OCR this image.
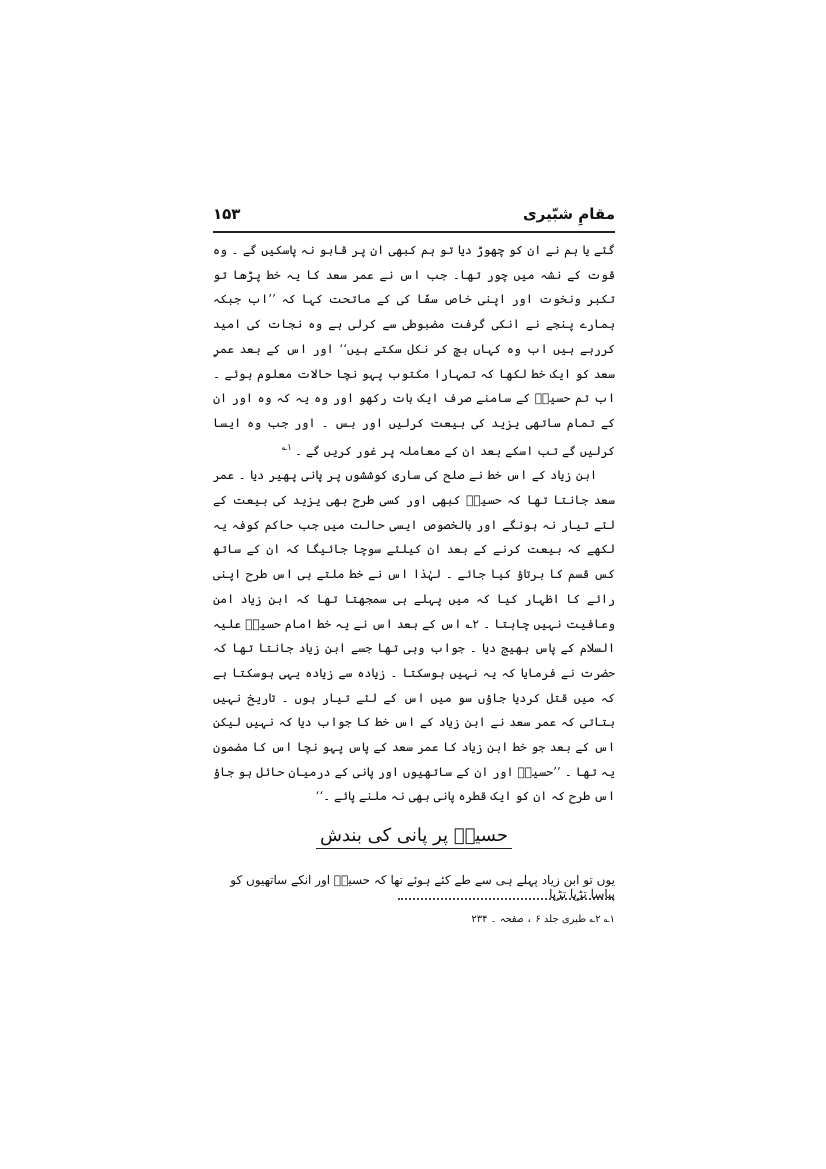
مقامِ شبّیری
۱۵۳

گئے یا ہم نے ان کو چھوڑ دیا تو ہم کبھی ان پر قابو نہ پاسکیں گے ۔ وہ قوت کے نشہ میں چور تھا۔ جب اس نے عمر سعد کا یہ خط پڑھا تو تکبر ونخوت اور اپنی خاص سفّا کی کے ماتحت کہا کہ ’’اب جبکہ ہمارے پنجے نے انکی گرفت مضبوطی سے کرلی ہے وہ نجات کی امید کررہے ہیں اب وہ کہاں بچ کر نکل سکتے ہیں‘‘ اور اس کے بعد عمرِ سعد کو ایک خط لکھا کہ تمہارا مکتوب پہو نچا حالات معلوم ہوئے ۔ اب تم حسینؑ کے سامنے صرف ایک بات رکھو اور وہ یہ کہ وہ اور ان کے تمام ساتھی یزید کی بیعت کرلیں اور بس ۔ اور جب وہ ایسا کرلیں گے تب اسکے بعد ان کے معاملہ پر غور کریں گے ۔$^{۱؎}$

ابن زیاد کے اس خط نے صلح کی ساری کوششوں پر پانی پھیر دیا ۔ عمر سعد جانتا تھا کہ حسینؑ کبھی اور کسی طرح بھی یزید کی بیعت کے لئے تیار نہ ہونگے اور بالخصوص ایسی حالت میں جب حاکم کوفہ یہ لکھے کہ بیعت کرنے کے بعد ان کیلئے سوچا جائیگا کہ ان کے ساتھ کس قسم کا برتاؤ کیا جائے ۔ لہٰذا اس نے خط ملتے ہی اس طرح اپنی رائے کا اظہار کیا کہ میں پہلے ہی سمجھتا تھا کہ ابن زیاد امن وعافیت نہیں چاہتا ۔ ۲؎ اس کے بعد اس نے یہ خط امام حسینؑ علیہ السلام کے پاس بھیج دیا ۔ جواب وہی تھا جسے ابن زیاد جانتا تھا کہ حضرت نے فرمایا کہ یہ نہیں ہوسکتا ۔ زیادہ سے زیادہ یہی ہوسکتا ہے کہ میں قتل کردیا جاؤں سو میں اس کے لئے تیار ہوں ۔ تاریخ نہیں بتاتی کہ عمر سعد نے ابن زیاد کے اس خط کا جواب دیا کہ نہیں لیکن اس کے بعد جو خط ابن زیاد کا عمر سعد کے پاس پہو نچا اس کا مضمون یہ تھا ۔ ’’حسینؑ اور ان کے ساتھیوں اور پانی کے درمیان حائل ہو جاؤ اس طرح کہ ان کو ایک قطرہ پانی بھی نہ ملنے پائے ۔‘‘

حسینؑ پر پانی کی بندش
یوں تو ابن زیاد پہلے ہی سے طے کئے ہوئے تھا کہ حسینؑ اور انکے ساتھیوں کو پیاسا تڑپا تڑپا
۱؎ ۲؎ طبری جلد ۶ ، صفحہ ۔ ۲۳۴
